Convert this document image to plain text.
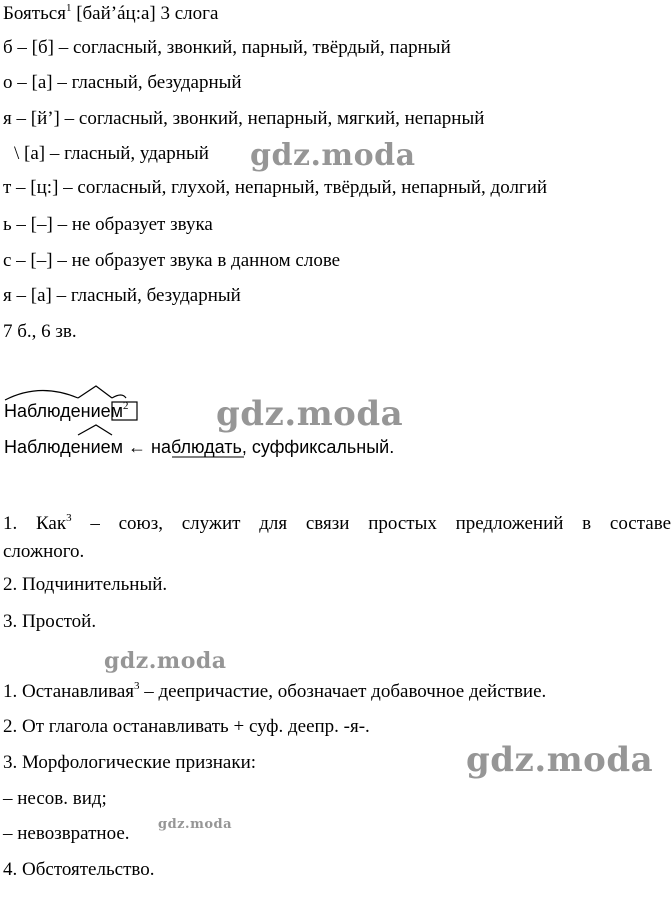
Бояться$^1$ [бай’áц:а] 3 слога
б – [б] – согласный, звонкий, парный, твёрдый, парный
о – [а] – гласный, безударный
я – [й’] – согласный, звонкий, непарный, мягкий, непарный
\ [а] – гласный, ударный
т – [ц:] – согласный, глухой, непарный, твёрдый, непарный, долгий
ь – [–] – не образует звука
с – [–] – не образует звука в данном слове
я – [а] – гласный, безударный
7 б., 6 зв.
Наблюдением$^2$
Наблюдением ← наблюдать, суффиксальный.
1. Как$^3$ – союз, служит для связи простых предложений в составе
сложного.
2. Подчинительный.
3. Простой.
1. Останавливая$^3$ – деепричастие, обозначает добавочное действие.
2. От глагола останавливать + суф. деепр. -я-.
3. Морфологические признаки:
– несов. вид;
– невозвратное.
4. Обстоятельство.
gdz.moda
gdz.moda
gdz.moda
gdz.moda
gdz.moda
